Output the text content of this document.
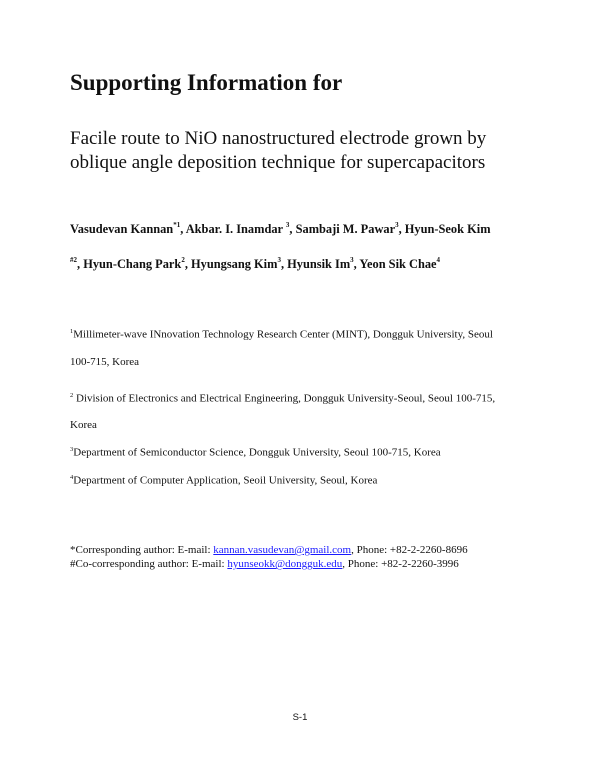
Supporting Information for
Facile route to NiO nanostructured electrode grown by
oblique angle deposition technique for supercapacitors
Vasudevan Kannan$^{*1}$, Akbar. I. Inamdar $^3$, Sambaji M. Pawar$^3$, Hyun-Seok Kim
$^{\#2}$, Hyun-Chang Park$^2$, Hyungsang Kim$^3$, Hyunsik Im$^3$, Yeon Sik Chae$^4$
$^1$Millimeter-wave INnovation Technology Research Center (MINT), Dongguk University, Seoul
100-715, Korea
$^2$ Division of Electronics and Electrical Engineering, Dongguk University-Seoul, Seoul 100-715,
Korea
$^3$Department of Semiconductor Science, Dongguk University, Seoul 100-715, Korea
$^4$Department of Computer Application, Seoil University, Seoul, Korea
*Corresponding author: E-mail: kannan.vasudevan@gmail.com, Phone: +82-2-2260-8696
#Co-corresponding author: E-mail: hyunseokk@dongguk.edu, Phone: +82-2-2260-3996
S-1
